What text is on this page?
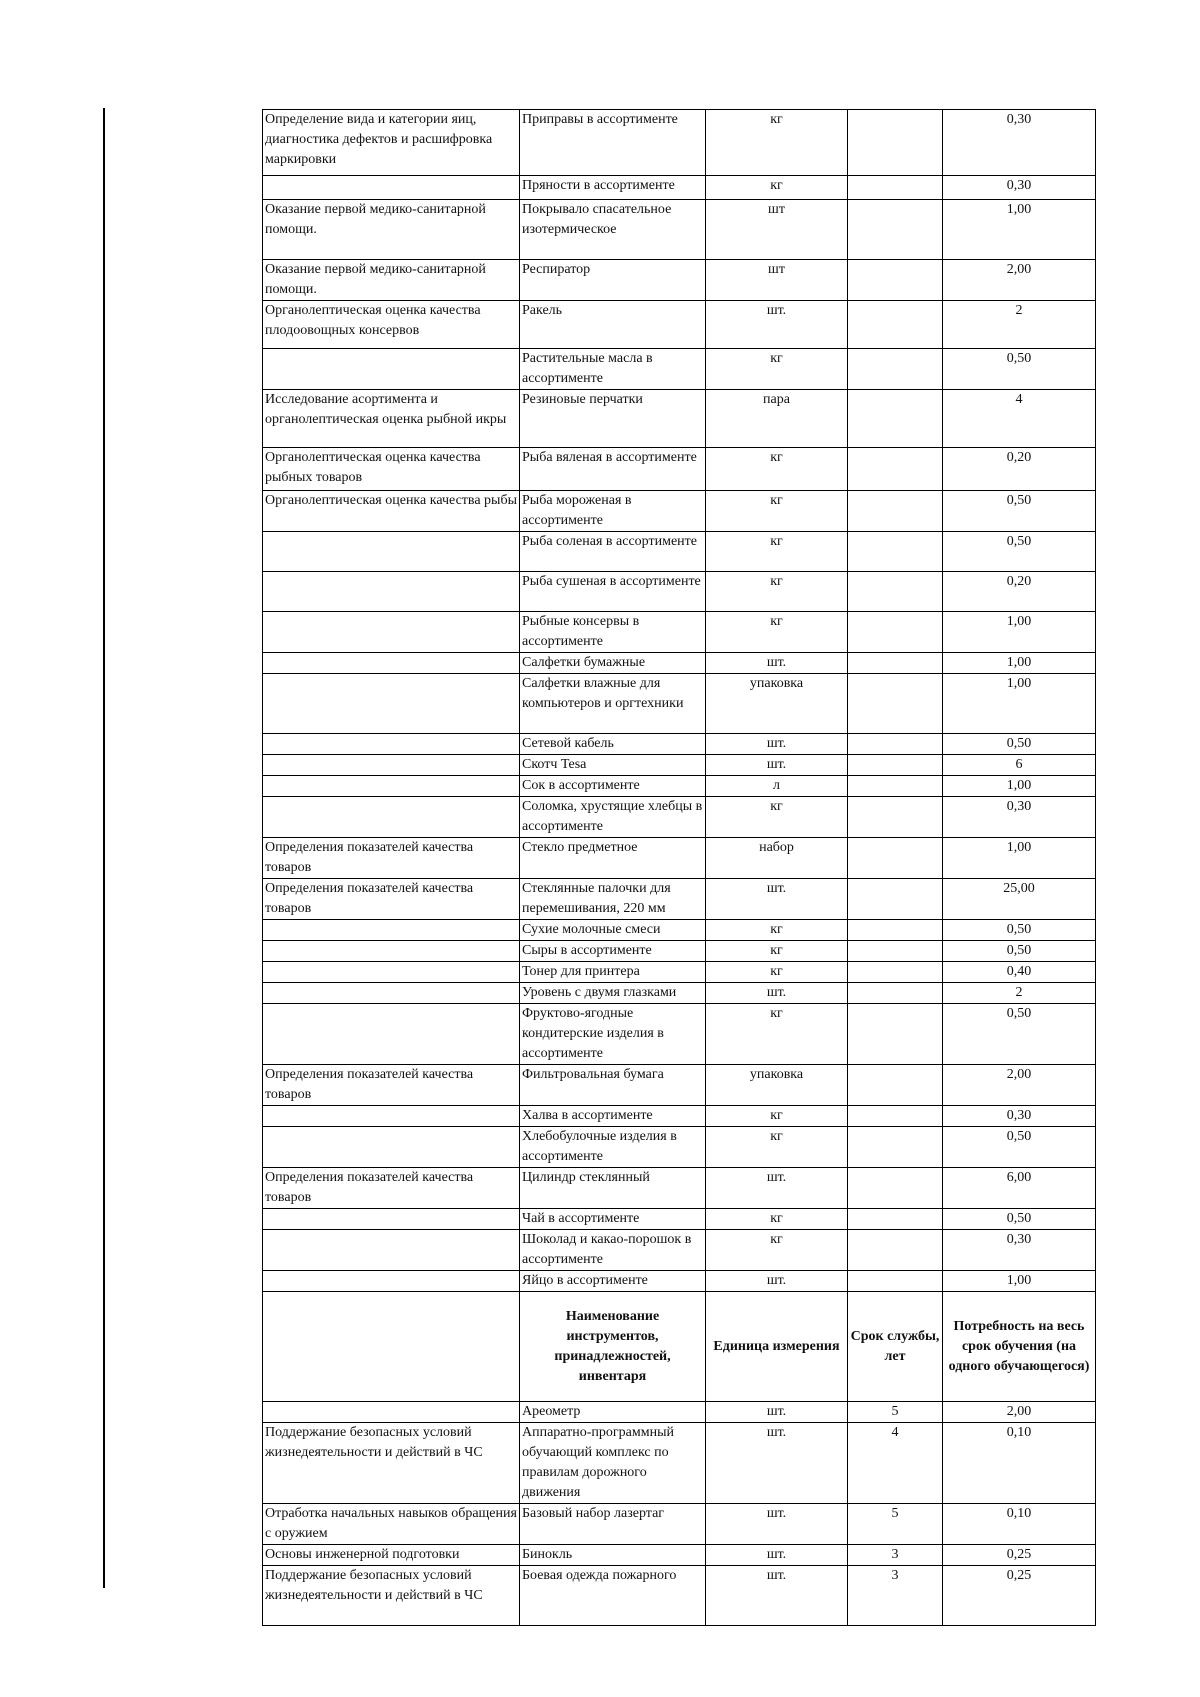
Определение вида и категории яиц, диагностика дефектов и расшифровка маркировки	Приправы в ассортименте	кг		0,30
	Пряности в ассортименте	кг		0,30
Оказание первой медико-санитарной помощи.	Покрывало спасательное изотермическое	шт		1,00
Оказание первой медико-санитарной помощи.	Респиратор	шт		2,00
Органолептическая оценка качества плодоовощных консервов	Ракель	шт.		2
	Растительные масла в ассортименте	кг		0,50
Исследование асортимента и органолептическая оценка рыбной икры	Резиновые перчатки	пара		4
Органолептическая оценка качества рыбных товаров	Рыба вяленая в ассортименте	кг		0,20
Органолептическая оценка качества рыбы	Рыба мороженая в ассортименте	кг		0,50
	Рыба соленая в ассортименте	кг		0,50
	Рыба сушеная в ассортименте	кг		0,20
	Рыбные консервы в ассортименте	кг		1,00
	Салфетки бумажные	шт.		1,00
	Салфетки влажные для компьютеров и оргтехники	упаковка		1,00
	Сетевой кабель	шт.		0,50
	Скотч Tesa	шт.		6
	Сок в ассортименте	л		1,00
	Соломка, хрустящие хлебцы в ассортименте	кг		0,30
Определения показателей качества товаров	Стекло предметное	набор		1,00
Определения показателей качества товаров	Стеклянные палочки для перемешивания, 220 мм	шт.		25,00
	Сухие молочные смеси	кг		0,50
	Сыры в ассортименте	кг		0,50
	Тонер для принтера	кг		0,40
	Уровень с двумя глазками	шт.		2
	Фруктово-ягодные кондитерские изделия в ассортименте	кг		0,50
Определения показателей качества товаров	Фильтровальная бумага	упаковка		2,00
	Халва в ассортименте	кг		0,30
	Хлебобулочные изделия в ассортименте	кг		0,50
Определения показателей качества товаров	Цилиндр стеклянный	шт.		6,00
	Чай в ассортименте	кг		0,50
	Шоколад и какао-порошок в ассортименте	кг		0,30
	Яйцо в ассортименте	шт.		1,00
	Наименование инструментов, принадлежностей, инвентаря	Единица измерения	Срок службы, лет	Потребность на весь срок обучения (на одного обучающегося)
	Ареометр	шт.	5	2,00
Поддержание безопасных условий жизнедеятельности и действий в ЧС	Аппаратно-программный обучающий комплекс по правилам дорожного движения	шт.	4	0,10
Отработка начальных навыков обращения с оружием	Базовый набор лазертаг	шт.	5	0,10
Основы инженерной подготовки	Бинокль	шт.	3	0,25
Поддержание безопасных условий жизнедеятельности и действий в ЧС	Боевая одежда пожарного	шт.	3	0,25
